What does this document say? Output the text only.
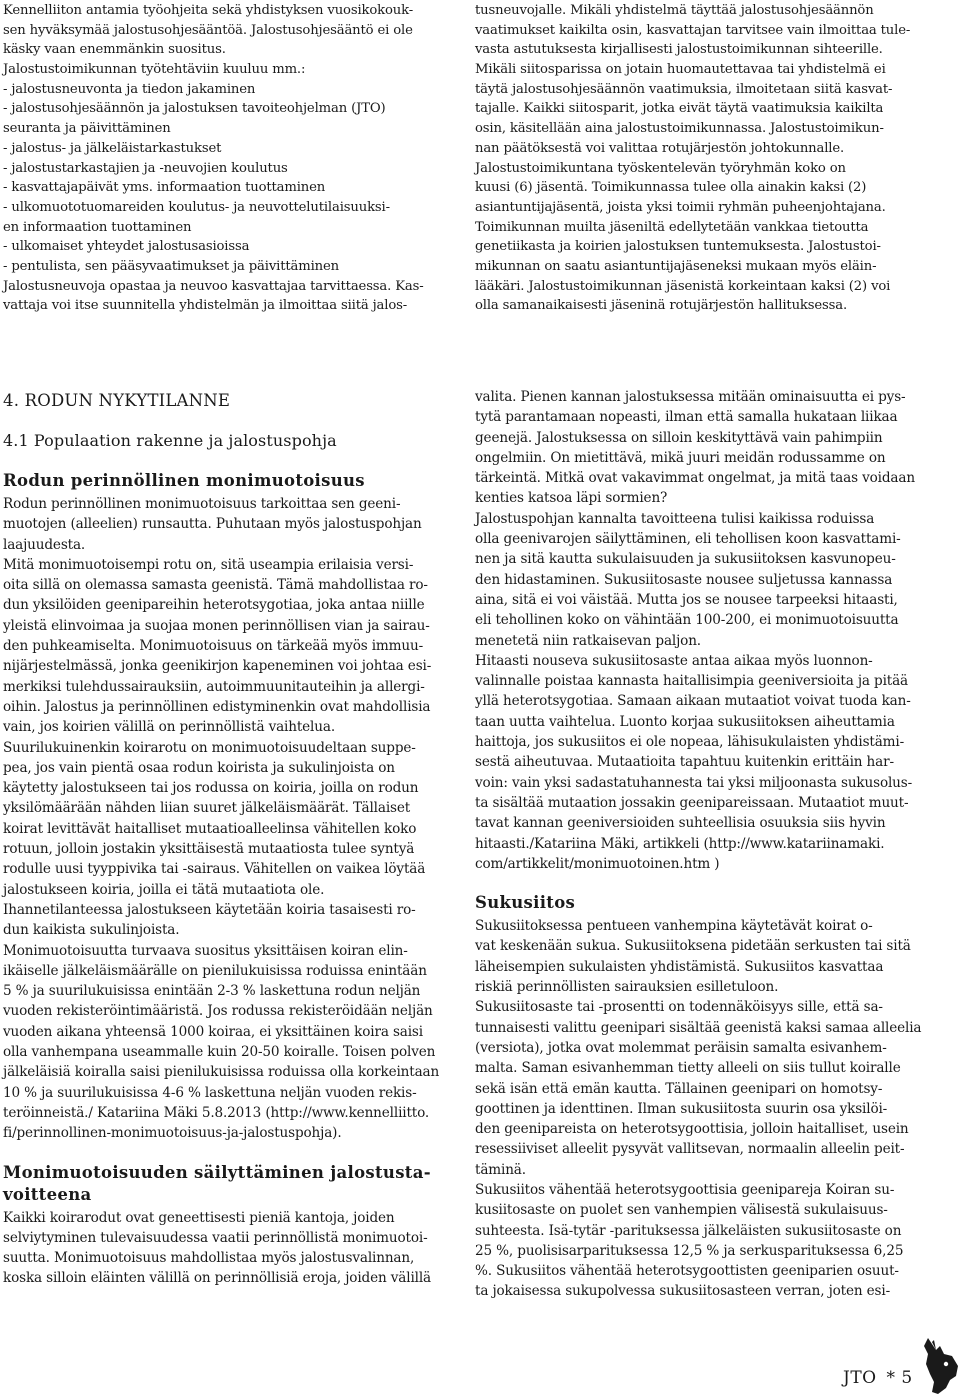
Kennelliiton antamia työohjeita sekä yhdistyksen vuosikokouk-
sen hyväksymää jalostusohjesääntöä. Jalostusohjesääntö ei ole
käsky vaan enemmänkin suositus.
Jalostustoimikunnan työtehtäviin kuuluu mm.:
- jalostusneuvonta ja tiedon jakaminen
- jalostusohjesäännön ja jalostuksen tavoiteohjelman (JTO)
seuranta ja päivittäminen
- jalostus- ja jälkeläistarkastukset
- jalostustarkastajien ja -neuvojien koulutus
- kasvattajapäivät yms. informaation tuottaminen
- ulkomuototuomareiden koulutus- ja neuvottelutilaisuuksi-
en informaation tuottaminen
- ulkomaiset yhteydet jalostusasioissa
- pentulista, sen pääsyvaatimukset ja päivittäminen
Jalostusneuvoja opastaa ja neuvoo kasvattajaa tarvittaessa. Kas-
vattaja voi itse suunnitella yhdistelmän ja ilmoittaa siitä jalos-
tusneuvojalle. Mikäli yhdistelmä täyttää jalostusohjesäännön
vaatimukset kaikilta osin, kasvattajan tarvitsee vain ilmoittaa tule-
vasta astutuksesta kirjallisesti jalostustoimikunnan sihteerille.
Mikäli siitosparissa on jotain huomautettavaa tai yhdistelmä ei
täytä jalostusohjesäännön vaatimuksia, ilmoitetaan siitä kasvat-
tajalle. Kaikki siitosparit, jotka eivät täytä vaatimuksia kaikilta
osin, käsitellään aina jalostustoimikunnassa. Jalostustoimikun-
nan päätöksestä voi valittaa rotujärjestön johtokunnalle.
Jalostustoimikuntana työskentelevän työryhmän koko on
kuusi (6) jäsentä. Toimikunnassa tulee olla ainakin kaksi (2)
asiantuntijajäsentä, joista yksi toimii ryhmän puheenjohtajana.
Toimikunnan muilta jäseniltä edellytetään vankkaa tietoutta
genetiikasta ja koirien jalostuksen tuntemuksesta. Jalostustoi-
mikunnan on saatu asiantuntijajäseneksi mukaan myös eläin-
lääkäri. Jalostustoimikunnan jäsenistä korkeintaan kaksi (2) voi
olla samanaikaisesti jäseninä rotujärjestön hallituksessa.
4. RODUN NYKYTILANNE
4.1 Populaation rakenne ja jalostuspohja
Rodun perinnöllinen monimuotoisuus
Rodun perinnöllinen monimuotoisuus tarkoittaa sen geeni-
muotojen (alleelien) runsautta. Puhutaan myös jalostuspohjan
laajuudesta.
Mitä monimuotoisempi rotu on, sitä useampia erilaisia versi-
oita sillä on olemassa samasta geenistä. Tämä mahdollistaa ro-
dun yksilöiden geenipareihin heterotsygotiaa, joka antaa niille
yleistä elinvoimaa ja suojaa monen perinnöllisen vian ja sairau-
den puhkeamiselta. Monimuotoisuus on tärkeää myös immuu-
nijärjestelmässä, jonka geenikirjon kapeneminen voi johtaa esi-
merkiksi tulehdussairauksiin, autoimmuunitauteihin ja allergi-
oihin. Jalostus ja perinnöllinen edistyminenkin ovat mahdollisia
vain, jos koirien välillä on perinnöllistä vaihtelua.
Suurilukuinenkin koirarotu on monimuotoisuudeltaan suppe-
pea, jos vain pientä osaa rodun koirista ja sukulinjoista on
käytetty jalostukseen tai jos rodussa on koiria, joilla on rodun
yksilömäärään nähden liian suuret jälkeläismäärät. Tällaiset
koirat levittävät haitalliset mutaatioalleelinsa vähitellen koko
rotuun, jolloin jostakin yksittäisestä mutaatiosta tulee syntyä
rodulle uusi tyyppivika tai -sairaus. Vähitellen on vaikea löytää
jalostukseen koiria, joilla ei tätä mutaatiota ole.
Ihannetilanteessa jalostukseen käytetään koiria tasaisesti ro-
dun kaikista sukulinjoista.
Monimuotoisuutta turvaava suositus yksittäisen koiran elin-
ikäiselle jälkeläismäärälle on pienilukuisissa roduissa enintään
5 % ja suurilukuisissa enintään 2-3 % laskettuna rodun neljän
vuoden rekisteröintimääristä. Jos rodussa rekisteröidään neljän
vuoden aikana yhteensä 1000 koiraa, ei yksittäinen koira saisi
olla vanhempana useammalle kuin 20-50 koiralle. Toisen polven
jälkeläisiä koiralla saisi pienilukuisissa roduissa olla korkeintaan
10 % ja suurilukuisissa 4-6 % laskettuna neljän vuoden rekis-
teröinneistä./ Katariina Mäki 5.8.2013 (http://www.kennelliitto.
fi/perinnollinen-monimuotoisuus-ja-jalostuspohja).
Monimuotoisuuden säilyttäminen jalostusta-
voitteena
Kaikki koirarodut ovat geneettisesti pieniä kantoja, joiden
selviytyminen tulevaisuudessa vaatii perinnöllistä monimuotoi-
suutta. Monimuotoisuus mahdollistaa myös jalostusvalinnan,
koska silloin eläinten välillä on perinnöllisiä eroja, joiden välillä
valita. Pienen kannan jalostuksessa mitään ominaisuutta ei pys-
tytä parantamaan nopeasti, ilman että samalla hukataan liikaa
geenejä. Jalostuksessa on silloin keskityttävä vain pahimpiin
ongelmiin. On mietittävä, mikä juuri meidän rodussamme on
tärkeintä. Mitkä ovat vakavimmat ongelmat, ja mitä taas voidaan
kenties katsoa läpi sormien?
Jalostuspohjan kannalta tavoitteena tulisi kaikissa roduissa
olla geenivarojen säilyttäminen, eli tehollisen koon kasvattami-
nen ja sitä kautta sukulaisuuden ja sukusiitoksen kasvunopeu-
den hidastaminen. Sukusiitosaste nousee suljetussa kannassa
aina, sitä ei voi väistää. Mutta jos se nousee tarpeeksi hitaasti,
eli tehollinen koko on vähintään 100-200, ei monimuotoisuutta
menetetä niin ratkaisevan paljon.
Hitaasti nouseva sukusiitosaste antaa aikaa myös luonnon-
valinnalle poistaa kannasta haitallisimpia geeniversioita ja pitää
yllä heterotsygotiaa. Samaan aikaan mutaatiot voivat tuoda kan-
taan uutta vaihtelua. Luonto korjaa sukusiitoksen aiheuttamia
haittoja, jos sukusiitos ei ole nopeaa, lähisukulaisten yhdistämi-
sestä aiheutuvaa. Mutaatioita tapahtuu kuitenkin erittäin har-
voin: vain yksi sadastatuhannesta tai yksi miljoonasta sukusolus-
ta sisältää mutaation jossakin geenipareissaan. Mutaatiot muut-
tavat kannan geeniversioiden suhteellisia osuuksia siis hyvin
hitaasti./Katariina Mäki, artikkeli (http://www.katariinamaki.
com/artikkelit/monimuotoinen.htm )
Sukusiitos
Sukusiitoksessa pentueen vanhempina käytetävät koirat o-
vat keskenään sukua. Sukusiitoksena pidetään serkusten tai sitä
läheisempien sukulaisten yhdistämistä. Sukusiitos kasvattaa
riskiä perinnöllisten sairauksien esilletuloon.
Sukusiitosaste tai -prosentti on todennäköisyys sille, että sa-
tunnaisesti valittu geenipari sisältää geenistä kaksi samaa alleelia
(versiota), jotka ovat molemmat peräisin samalta esivanhem-
malta. Saman esivanhemman tietty alleeli on siis tullut koiralle
sekä isän että emän kautta. Tällainen geenipari on homotsy-
goottinen ja identtinen. Ilman sukusiitosta suurin osa yksilöi-
den geenipareista on heterotsygoottisia, jolloin haitalliset, usein
resessiiviset alleelit pysyvät vallitsevan, normaalin alleelin peit-
täminä.
Sukusiitos vähentää heterotsygoottisia geenipareja Koiran su-
kusiitosaste on puolet sen vanhempien välisestä sukulaisuus-
suhteesta. Isä-tytär -parituksessa jälkeläisten sukusiitosaste on
25 %, puolisisarparituksessa 12,5 % ja serkusparituksessa 6,25
%. Sukusiitos vähentää heterotsygoottisten geeniparien osuut-
ta jokaisessa sukupolvessa sukusiitosasteen verran, joten esi-
JTO * 5
